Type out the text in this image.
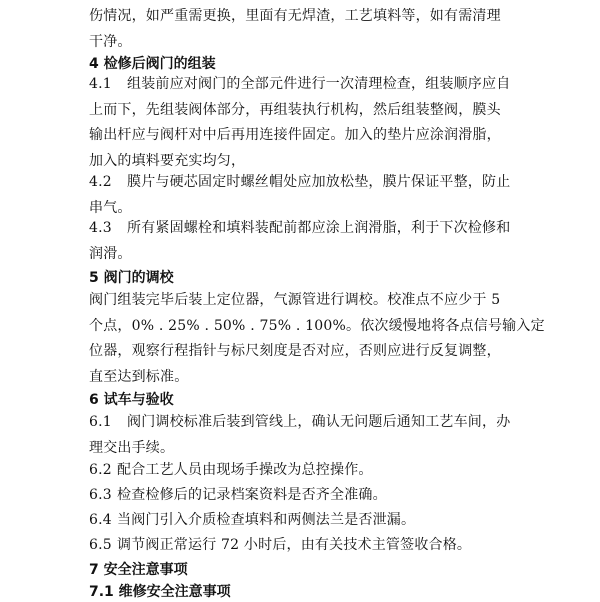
伤情况，如严重需更换，里面有无焊渣，工艺填料等，如有需清理
干净。
4 检修后阀门的组装
4.1 组装前应对阀门的全部元件进行一次清理检查，组装顺序应自
上而下，先组装阀体部分，再组装执行机构，然后组装整阀，膜头
输出杆应与阀杆对中后再用连接件固定。加入的垫片应涂润滑脂，
加入的填料要充实均匀，
4.2 膜片与硬芯固定时螺丝帽处应加放松垫，膜片保证平整，防止
串气。
4.3 所有紧固螺栓和填料装配前都应涂上润滑脂，利于下次检修和
润滑。
5 阀门的调校
阀门组装完毕后装上定位器，气源管进行调校。校准点不应少于 5
个点，0% . 25% . 50% . 75% . 100%。依次缓慢地将各点信号输入定
位器，观察行程指针与标尺刻度是否对应，否则应进行反复调整，
直至达到标准。
6 试车与验收
6.1 阀门调校标准后装到管线上，确认无问题后通知工艺车间，办
理交出手续。
6.2 配合工艺人员由现场手操改为总控操作。
6.3 检查检修后的记录档案资料是否齐全准确。
6.4 当阀门引入介质检查填料和两侧法兰是否泄漏。
6.5 调节阀正常运行 72 小时后，由有关技术主管签收合格。
7 安全注意事项
7.1 维修安全注意事项
